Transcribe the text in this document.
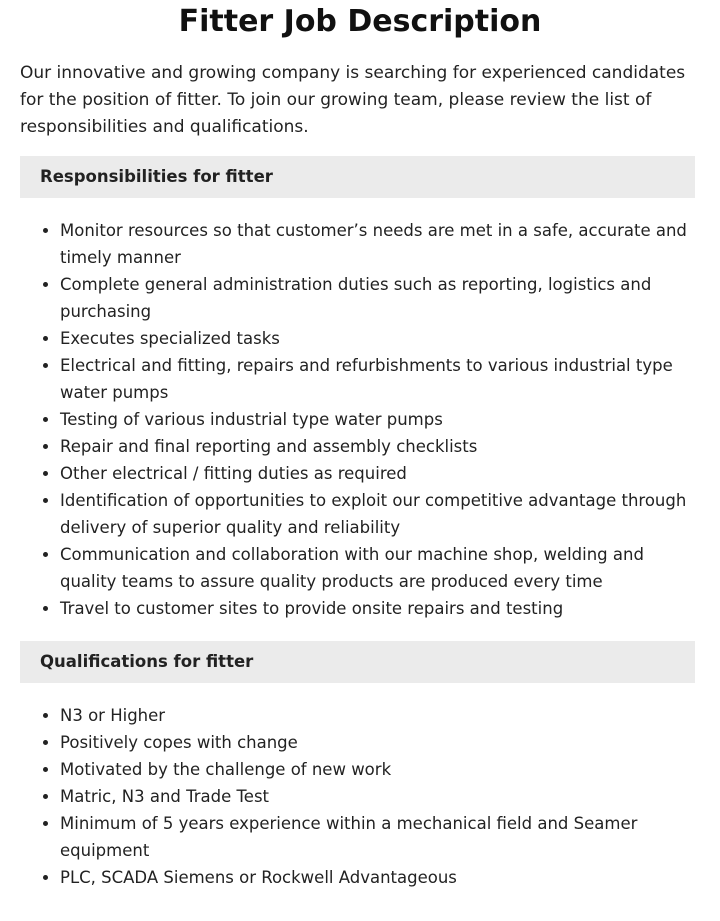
Fitter Job Description

Our innovative and growing company is searching for experienced candidates for the position of fitter. To join our growing team, please review the list of responsibilities and qualifications.

Responsibilities for fitter
• Monitor resources so that customer’s needs are met in a safe, accurate and timely manner
• Complete general administration duties such as reporting, logistics and purchasing
• Executes specialized tasks
• Electrical and fitting, repairs and refurbishments to various industrial type water pumps
• Testing of various industrial type water pumps
• Repair and final reporting and assembly checklists
• Other electrical / fitting duties as required
• Identification of opportunities to exploit our competitive advantage through delivery of superior quality and reliability
• Communication and collaboration with our machine shop, welding and quality teams to assure quality products are produced every time
• Travel to customer sites to provide onsite repairs and testing
Qualifications for fitter
• N3 or Higher
• Positively copes with change
• Motivated by the challenge of new work
• Matric, N3 and Trade Test
• Minimum of 5 years experience within a mechanical field and Seamer equipment
• PLC, SCADA Siemens or Rockwell Advantageous
